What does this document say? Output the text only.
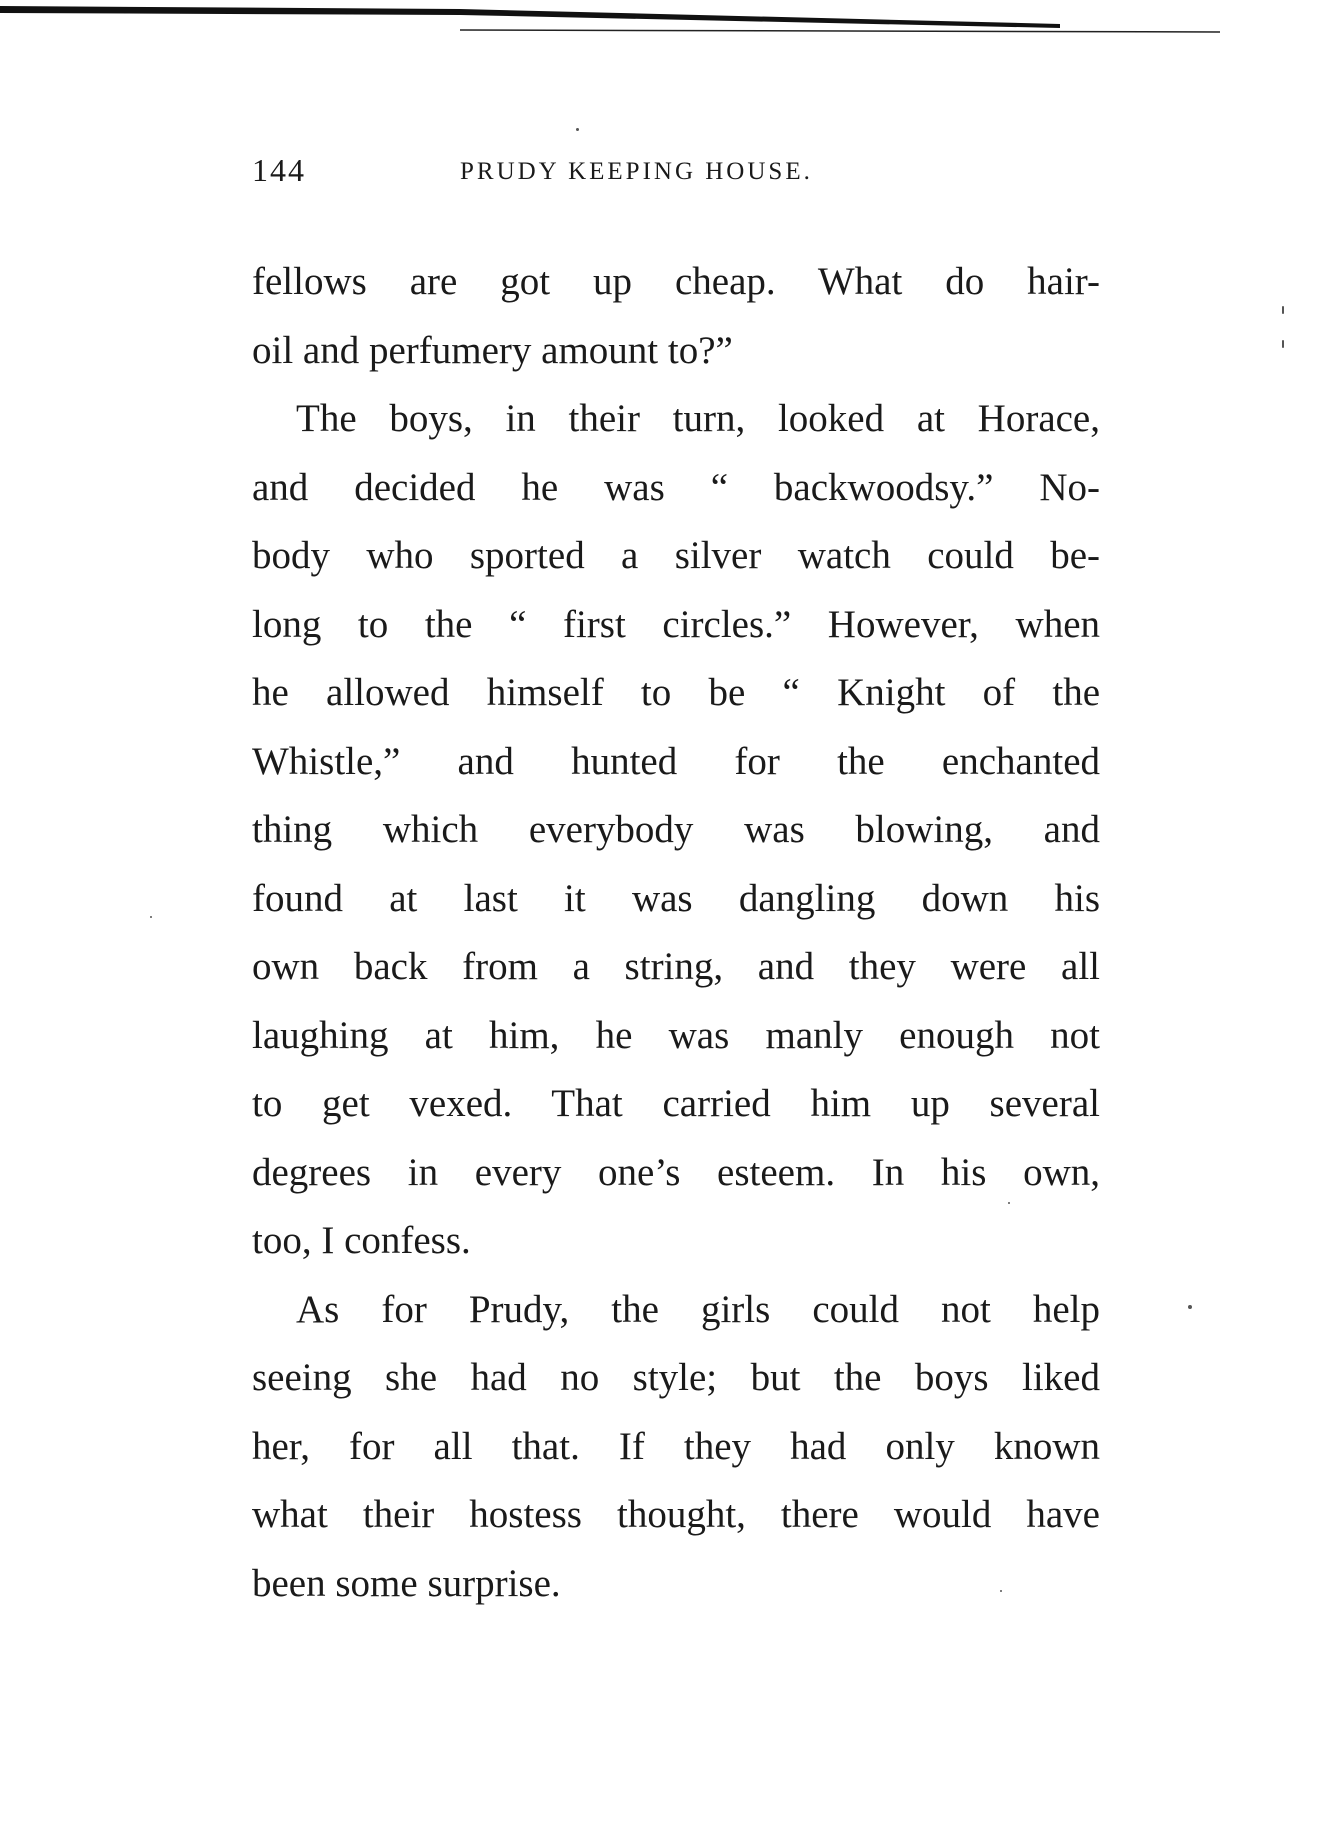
144	PRUDY KEEPING HOUSE.
fellows are got up cheap. What do hair-
oil and perfumery amount to?”
The boys, in their turn, looked at Horace,
and decided he was “ backwoodsy.” No-
body who sported a silver watch could be-
long to the “ first circles.” However, when
he allowed himself to be “ Knight of the
Whistle,” and hunted for the enchanted
thing which everybody was blowing, and
found at last it was dangling down his
own back from a string, and they were all
laughing at him, he was manly enough not
to get vexed. That carried him up several
degrees in every one’s esteem. In his own,
too, I confess.
As for Prudy, the girls could not help
seeing she had no style; but the boys liked
her, for all that. If they had only known
what their hostess thought, there would have
been some surprise.
